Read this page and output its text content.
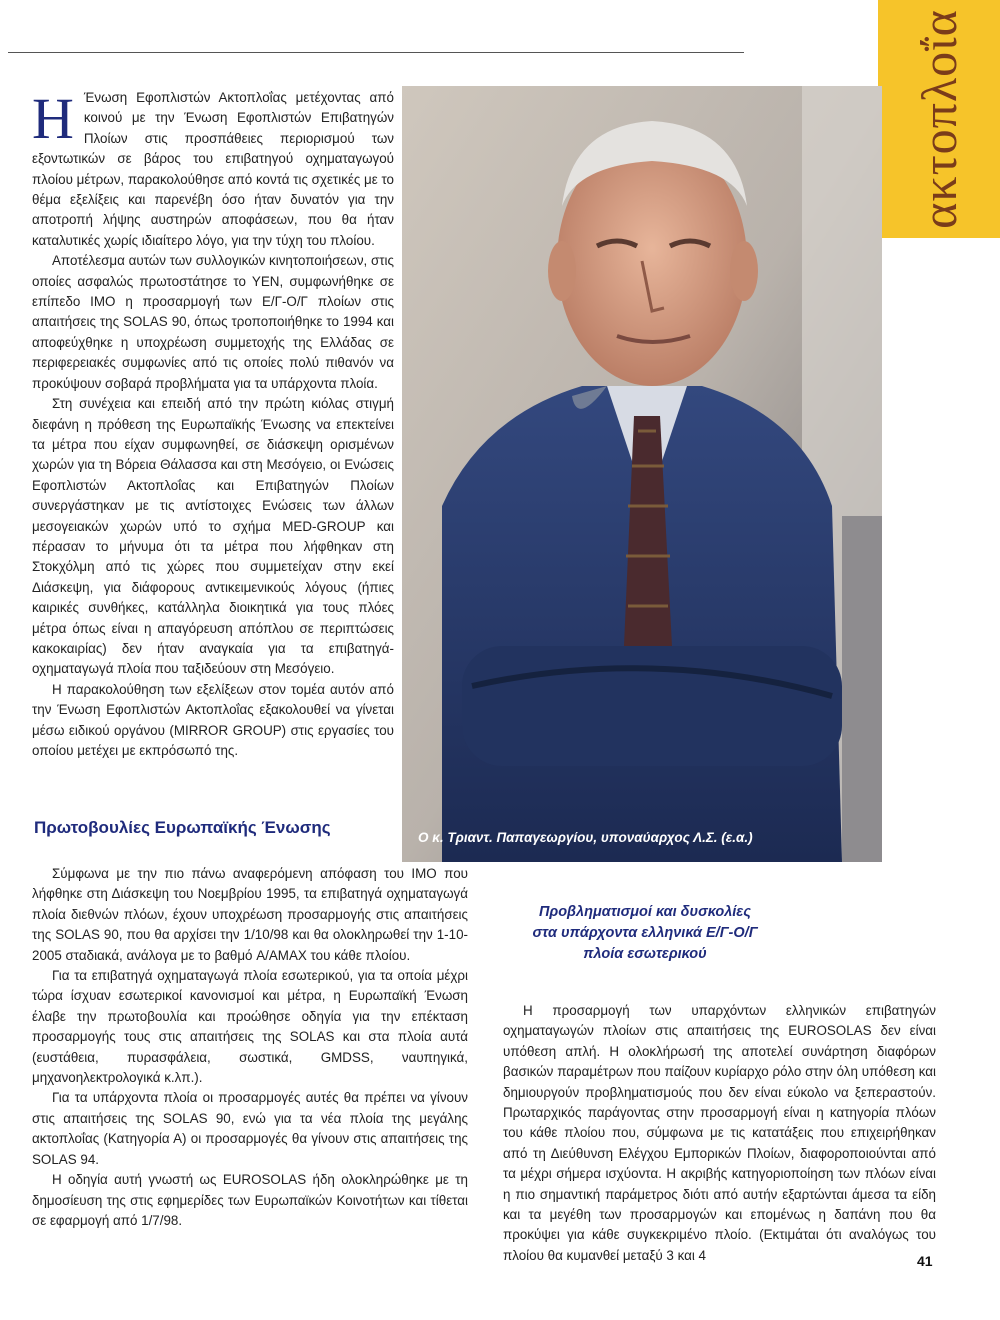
ακτοπλοΐα
Η Ένωση Εφοπλιστών Ακτοπλοΐας μετέχοντας από κοινού με την Ένωση Εφοπλιστών Επιβατηγών Πλοίων στις προσπάθειες περιορισμού των εξοντωτικών σε βάρος του επιβατηγού οχηματαγωγού πλοίου μέτρων, παρακολούθησε από κοντά τις σχετικές με το θέμα εξελίξεις και παρενέβη όσο ήταν δυνατόν για την αποτροπή λήψης αυστηρών αποφάσεων, που θα ήταν καταλυτικές χωρίς ιδιαίτερο λόγο, για την τύχη του πλοίου.

Αποτέλεσμα αυτών των συλλογικών κινητοποιήσεων, στις οποίες ασφαλώς πρωτοστάτησε το ΥΕΝ, συμφωνήθηκε σε επίπεδο IMO η προσαρμογή των Ε/Γ-Ο/Γ πλοίων στις απαιτήσεις της SOLAS 90, όπως τροποποιήθηκε το 1994 και αποφεύχθηκε η υποχρέωση συμμετοχής της Ελλάδας σε περιφερειακές συμφωνίες από τις οποίες πολύ πιθανόν να προκύψουν σοβαρά προβλήματα για τα υπάρχοντα πλοία.

Στη συνέχεια και επειδή από την πρώτη κιόλας στιγμή διεφάνη η πρόθεση της Ευρωπαϊκής Ένωσης να επεκτείνει τα μέτρα που είχαν συμφωνηθεί, σε διάσκεψη ορισμένων χωρών για τη Βόρεια Θάλασσα και στη Μεσόγειο, οι Ενώσεις Εφοπλιστών Ακτοπλοΐας και Επιβατηγών Πλοίων συνεργάστηκαν με τις αντίστοιχες Ενώσεις των άλλων μεσογειακών χωρών υπό το σχήμα MED-GROUP και πέρασαν το μήνυμα ότι τα μέτρα που λήφθηκαν στη Στοκχόλμη από τις χώρες που συμμετείχαν στην εκεί Διάσκεψη, για διάφορους αντικειμενικούς λόγους (ήπιες καιρικές συνθήκες, κατάλληλα διοικητικά για τους πλόες μέτρα όπως είναι η απαγόρευση απόπλου σε περιπτώσεις κακοκαιρίας) δεν ήταν αναγκαία για τα επιβατηγά-οχηματαγωγά πλοία που ταξιδεύουν στη Μεσόγειο.

Η παρακολούθηση των εξελίξεων στον τομέα αυτόν από την Ένωση Εφοπλιστών Ακτοπλοΐας εξακολουθεί να γίνεται μέσω ειδικού οργάνου (MIRROR GROUP) στις εργασίες του οποίου μετέχει με εκπρόσωπό της.

Ο κ. Τριαντ. Παπαγεωργίου, υποναύαρχος Λ.Σ. (ε.α.)
Πρωτοβουλίες Ευρωπαϊκής Ένωσης

Σύμφωνα με την πιο πάνω αναφερόμενη απόφαση του IMO που λήφθηκε στη Διάσκεψη του Νοεμβρίου 1995, τα επιβατηγά οχηματαγωγά πλοία διεθνών πλόων, έχουν υποχρέωση προσαρμογής στις απαιτήσεις της SOLAS 90, που θα αρχίσει την 1/10/98 και θα ολοκληρωθεί την 1-10-2005 σταδιακά, ανάλογα με το βαθμό A/AMAX του κάθε πλοίου.

Για τα επιβατηγά οχηματαγωγά πλοία εσωτερικού, για τα οποία μέχρι τώρα ίσχυαν εσωτερικοί κανονισμοί και μέτρα, η Ευρωπαϊκή Ένωση έλαβε την πρωτοβουλία και προώθησε οδηγία για την επέκταση προσαρμογής τους στις απαιτήσεις της SOLAS και στα πλοία αυτά (ευστάθεια, πυρασφάλεια, σωστικά, GMDSS, ναυπηγικά, μηχανοηλεκτρολογικά κ.λπ.).

Για τα υπάρχοντα πλοία οι προσαρμογές αυτές θα πρέπει να γίνουν στις απαιτήσεις της SOLAS 90, ενώ για τα νέα πλοία της μεγάλης ακτοπλοΐας (Κατηγορία Α) οι προσαρμογές θα γίνουν στις απαιτήσεις της SOLAS 94.

Η οδηγία αυτή γνωστή ως EUROSOLAS ήδη ολοκληρώθηκε με τη δημοσίευση της στις εφημερίδες των Ευρωπαϊκών Κοινοτήτων και τίθεται σε εφαρμογή από 1/7/98.

Προβληματισμοί και δυσκολίες
στα υπάρχοντα ελληνικά Ε/Γ-Ο/Γ
πλοία εσωτερικού

Η προσαρμογή των υπαρχόντων ελληνικών επιβατηγών οχηματαγωγών πλοίων στις απαιτήσεις της EUROSOLAS δεν είναι υπόθεση απλή. Η ολοκλήρωσή της αποτελεί συνάρτηση διαφόρων βασικών παραμέτρων που παίζουν κυρίαρχο ρόλο στην όλη υπόθεση και δημιουργούν προβληματισμούς που δεν είναι εύκολο να ξεπεραστούν. Πρωταρχικός παράγοντας στην προσαρμογή είναι η κατηγορία πλόων του κάθε πλοίου που, σύμφωνα με τις κατατάξεις που επιχειρήθηκαν από τη Διεύθυνση Ελέγχου Εμπορικών Πλοίων, διαφοροποιούνται από τα μέχρι σήμερα ισχύοντα. Η ακριβής κατηγοριοποίηση των πλόων είναι η πιο σημαντική παράμετρος διότι από αυτήν εξαρτώνται άμεσα τα είδη και τα μεγέθη των προσαρμογών και επομένως η δαπάνη που θα προκύψει για κάθε συγκεκριμένο πλοίο. (Εκτιμάται ότι αναλόγως του πλοίου θα κυμανθεί μεταξύ 3 και 4	41
